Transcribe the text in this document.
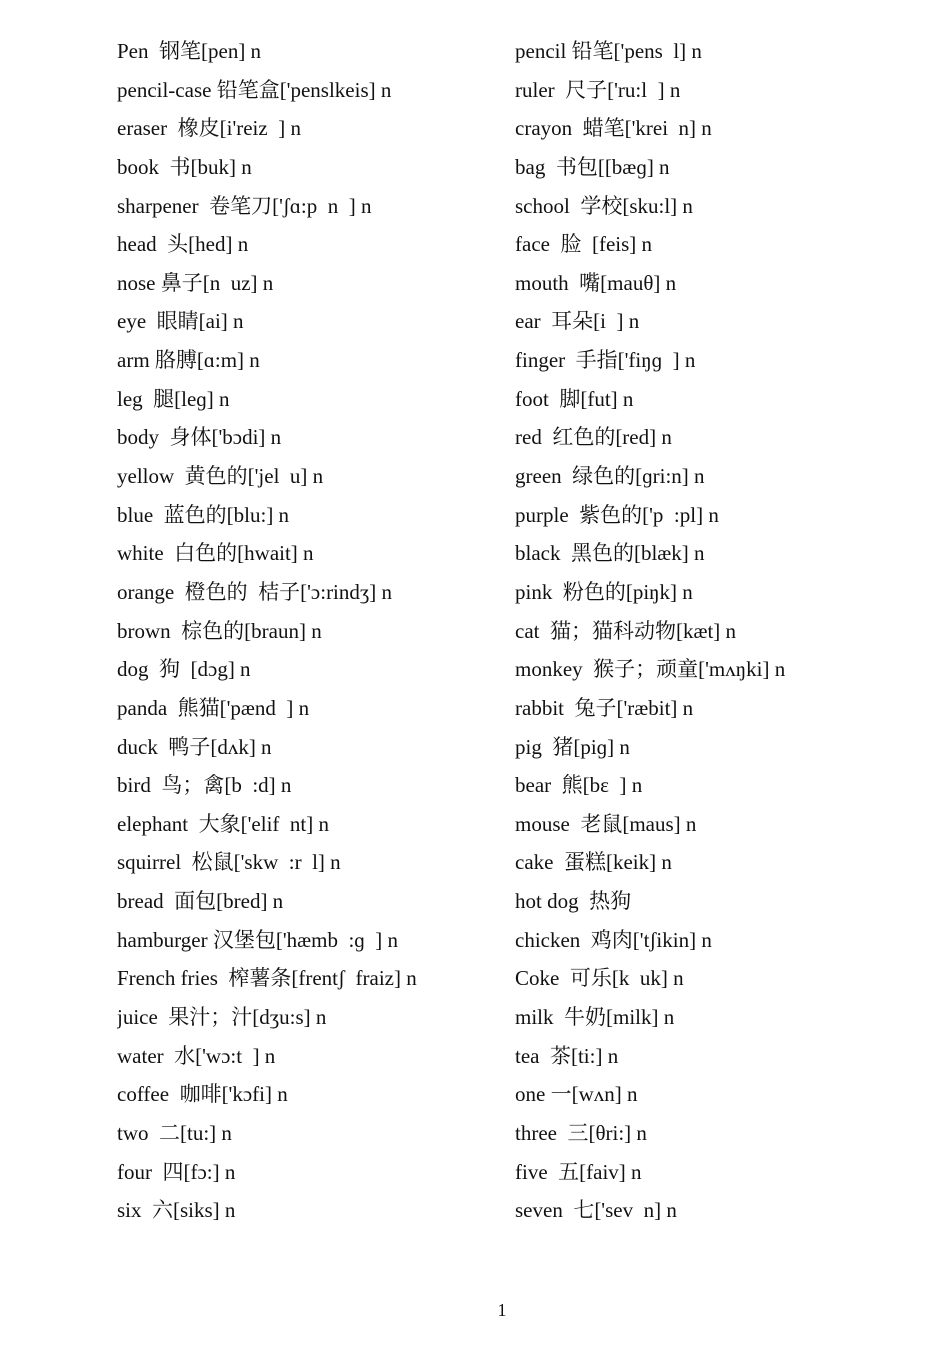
Pen  钢笔[pen] n
pencil-case 铅笔盒['penslkeis] n
eraser  橡皮[i'reiz  ] n
book  书[buk] n
sharpener  卷笔刀['ʃɑ:p  n  ] n
head  头[hed] n
nose 鼻子[n  uz] n
eye  眼睛[ai] n
arm 胳膊[ɑ:m] n
leg  腿[leɡ] n
body  身体['bɔdi] n
yellow  黄色的['jel  u] n
blue  蓝色的[blu:] n
white  白色的[hwait] n
orange  橙色的  桔子['ɔ:rindʒ] n
brown  棕色的[braun] n
dog  狗  [dɔg] n
panda  熊猫['pænd  ] n
duck  鸭子[dʌk] n
bird  鸟；禽[b  :d] n
elephant  大象['elif  nt] n
squirrel  松鼠['skw  :r  l] n
bread  面包[bred] n
hamburger 汉堡包['hæmb  :ɡ  ] n
French fries  榨薯条[frentʃ  fraiz] n
juice  果汁；汁[dʒu:s] n
water  水['wɔ:t  ] n
coffee  咖啡['kɔfi] n
two  二[tu:] n
four  四[fɔ:] n
six  六[siks] n
pencil 铅笔['pens  l] n
ruler  尺子['ru:l  ] n
crayon  蜡笔['krei  n] n
bag  书包[[bæɡ] n
school  学校[sku:l] n
face  脸  [feis] n
mouth  嘴[mauθ] n
ear  耳朵[i  ] n
finger  手指['fiŋɡ  ] n
foot  脚[fut] n
red  红色的[red] n
green  绿色的[ɡri:n] n
purple  紫色的['p  :pl] n
black  黑色的[blæk] n
pink  粉色的[piŋk] n
cat  猫；猫科动物[kæt] n
monkey  猴子；顽童['mʌŋki] n
rabbit  兔子['ræbit] n
pig  猪[piɡ] n
bear  熊[bɛ  ] n
mouse  老鼠[maus] n
cake  蛋糕[keik] n
hot dog  热狗
chicken  鸡肉['tʃikin] n
Coke  可乐[k  uk] n
milk  牛奶[milk] n
tea  茶[ti:] n
one 一[wʌn] n
three  三[θri:] n
five  五[faiv] n
seven  七['sev  n] n
1
